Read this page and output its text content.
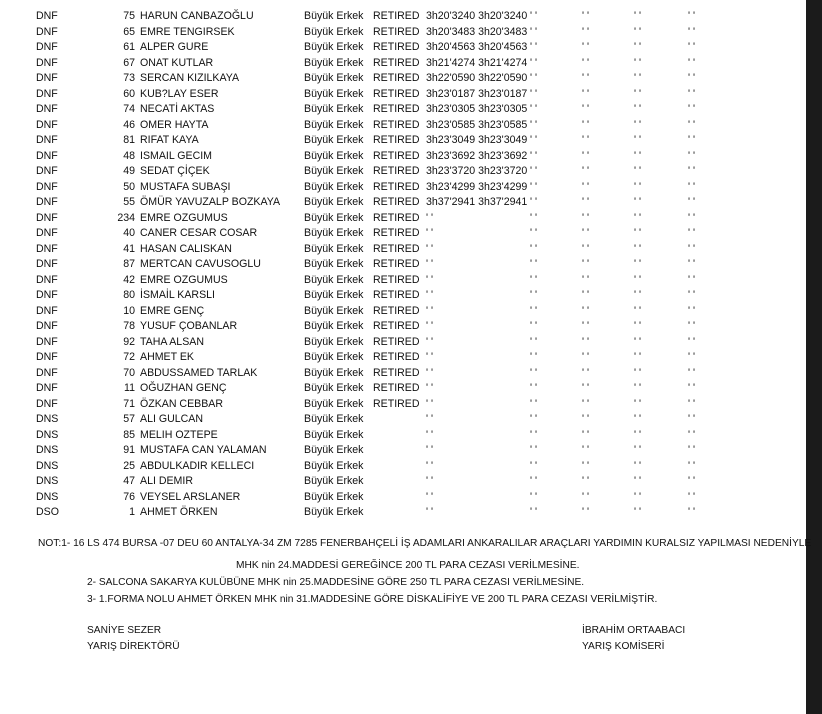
DNF	75 HARUN CANBAZOĞLU	Büyük Erkek RETIRED 3h20'3240 3h20'3240 ' '	' '	' '	' '
DNF	65 EMRE TENGIRSEK	Büyük Erkek RETIRED 3h20'3483 3h20'3483 ' '	' '	' '	' '
DNF	61 ALPER GURE	Büyük Erkek RETIRED 3h20'4563 3h20'4563 ' '	' '	' '	' '
DNF	67 ONAT KUTLAR	Büyük Erkek RETIRED 3h21'4274 3h21'4274 ' '	' '	' '	' '
DNF	73 SERCAN KIZILKAYA	Büyük Erkek RETIRED 3h22'0590 3h22'0590 ' '	' '	' '	' '
DNF	60 KUB?LAY ESER	Büyük Erkek RETIRED 3h23'0187 3h23'0187 ' '	' '	' '	' '
DNF	74 NECATİ AKTAS	Büyük Erkek RETIRED 3h23'0305 3h23'0305 ' '	' '	' '	' '
DNF	46 OMER HAYTA	Büyük Erkek RETIRED 3h23'0585 3h23'0585 ' '	' '	' '	' '
DNF	81 RIFAT KAYA	Büyük Erkek RETIRED 3h23'3049 3h23'3049 ' '	' '	' '	' '
DNF	48 ISMAIL GECIM	Büyük Erkek RETIRED 3h23'3692 3h23'3692 ' '	' '	' '	' '
DNF	49 SEDAT ÇİÇEK	Büyük Erkek RETIRED 3h23'3720 3h23'3720 ' '	' '	' '	' '
DNF	50 MUSTAFA SUBAŞI	Büyük Erkek RETIRED 3h23'4299 3h23'4299 ' '	' '	' '	' '
DNF	55 ÖMÜR YAVUZALP BOZKAYA Büyük Erkek RETIRED 3h37'2941 3h37'2941 ' '	' '	' '	' '
DNF	234 EMRE OZGUMUS	Büyük Erkek RETIRED ' '	' '	' '	' '	' '
DNF	40 CANER CESAR COSAR	Büyük Erkek RETIRED ' '	' '	' '	' '	' '
DNF	41 HASAN CALISKAN	Büyük Erkek RETIRED ' '	' '	' '	' '	' '
DNF	87 MERTCAN CAVUSOGLU	Büyük Erkek RETIRED ' '	' '	' '	' '	' '
DNF	42 EMRE OZGUMUS	Büyük Erkek RETIRED ' '	' '	' '	' '	' '
DNF	80 İSMAİL KARSLI	Büyük Erkek RETIRED ' '	' '	' '	' '	' '
DNF	10 EMRE GENÇ	Büyük Erkek RETIRED ' '	' '	' '	' '	' '
DNF	78 YUSUF ÇOBANLAR	Büyük Erkek RETIRED ' '	' '	' '	' '	' '
DNF	92 TAHA ALSAN	Büyük Erkek RETIRED ' '	' '	' '	' '	' '
DNF	72 AHMET EK	Büyük Erkek RETIRED ' '	' '	' '	' '	' '
DNF	70 ABDUSSAMED TARLAK	Büyük Erkek RETIRED ' '	' '	' '	' '	' '
DNF	11 OĞUZHAN GENÇ	Büyük Erkek RETIRED ' '	' '	' '	' '	' '
DNF	71 ÖZKAN CEBBAR	Büyük Erkek RETIRED ' '	' '	' '	' '	' '
DNS	57 ALI GULCAN	Büyük Erkek	' '	' '	' '	' '	' '
DNS	85 MELIH OZTEPE	Büyük Erkek	' '	' '	' '	' '	' '
DNS	91 MUSTAFA CAN YALAMAN	Büyük Erkek	' '	' '	' '	' '	' '
DNS	25 ABDULKADIR KELLECI	Büyük Erkek	' '	' '	' '	' '	' '
DNS	47 ALI DEMIR	Büyük Erkek	' '	' '	' '	' '	' '
DNS	76 VEYSEL ARSLANER	Büyük Erkek	' '	' '	' '	' '	' '
DSO	1 AHMET ÖRKEN	Büyük Erkek	' '	' '	' '	' '	' '
NOT:1- 16 LS 474 BURSA -07 DEU 60 ANTALYA-34 ZM 7285 FENERBAHÇELİ İŞ ADAMLARI ANKARALILAR ARAÇLARI YARDIMIN KURALSIZ YAPILMASI NEDENİYLE
MHK nin 24.MADDESİ GEREĞİNCE 200 TL PARA CEZASI VERİLMESİNE.
2- SALCONA SAKARYA KULÜBÜNE MHK nin 25.MADDESİNE GÖRE 250 TL PARA CEZASI VERİLMESİNE.
3- 1.FORMA NOLU AHMET ÖRKEN MHK nin 31.MADDESİNE GÖRE DİSKALİFİYE VE 200 TL PARA CEZASI VERİLMİŞTİR.
SANİYE SEZER
YARIŞ DİREKTÖRÜ
İBRAHİM ORTAABACI
YARIŞ KOMİSERİ
